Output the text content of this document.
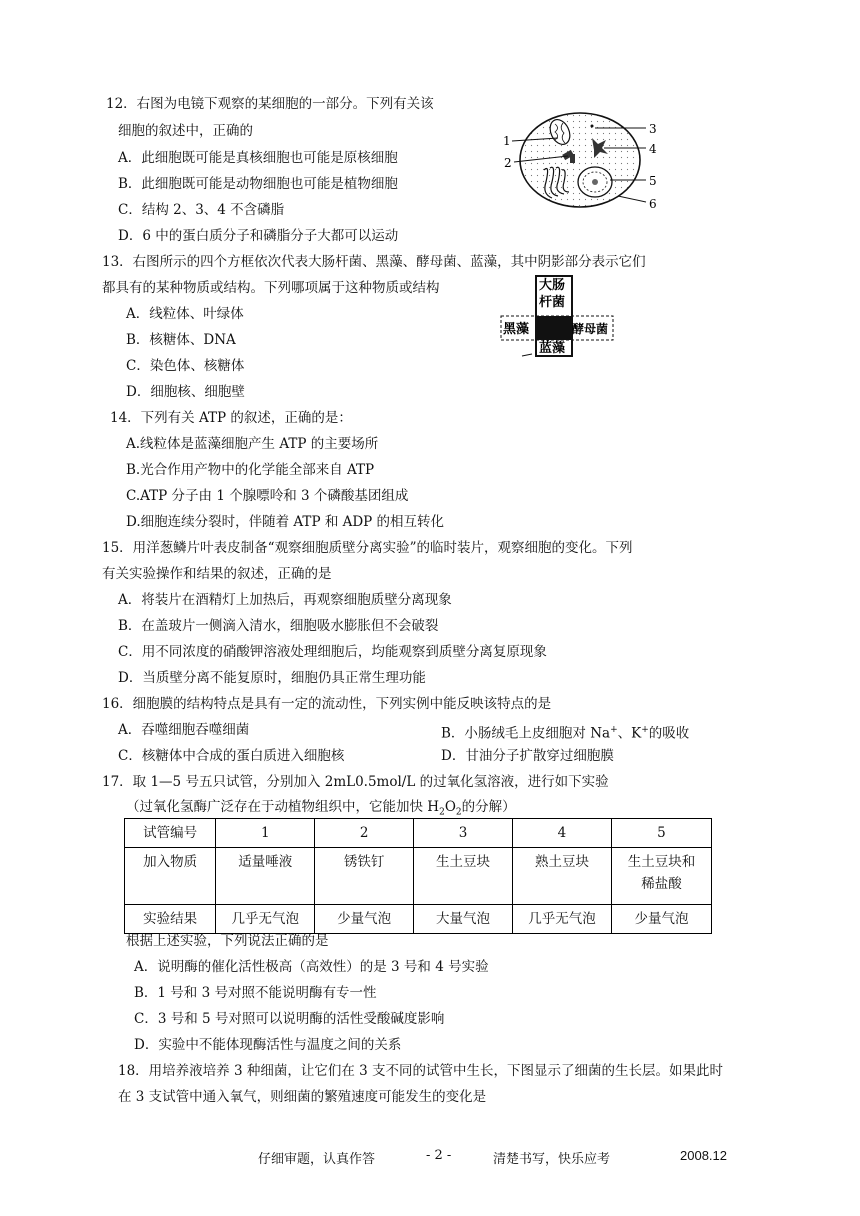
12．右图为电镜下观察的某细胞的一部分。下列有关该
细胞的叙述中，正确的
A．此细胞既可能是真核细胞也可能是原核细胞
B．此细胞既可能是动物细胞也可能是植物细胞
C．结构 2、3、4 不含磷脂
D．6 中的蛋白质分子和磷脂分子大都可以运动
1
2
3
4
5
6
13．右图所示的四个方框依次代表大肠杆菌、黑藻、酵母菌、蓝藻，其中阴影部分表示它们
都具有的某种物质或结构。下列哪项属于这种物质或结构
A．线粒体、叶绿体
B．核糖体、DNA
C．染色体、核糖体
D．细胞核、细胞壁
大肠
杆菌
黑藻	酵母菌
蓝藻
14．下列有关 ATP 的叙述，正确的是：
A.线粒体是蓝藻细胞产生 ATP 的主要场所
B.光合作用产物中的化学能全部来自 ATP
C.ATP 分子由 1 个腺嘌呤和 3 个磷酸基团组成
D.细胞连续分裂时，伴随着 ATP 和 ADP 的相互转化
15．用洋葱鳞片叶表皮制备“观察细胞质壁分离实验”的临时装片，观察细胞的变化。下列
有关实验操作和结果的叙述，正确的是
A．将装片在酒精灯上加热后，再观察细胞质壁分离现象
B．在盖玻片一侧滴入清水，细胞吸水膨胀但不会破裂
C．用不同浓度的硝酸钾溶液处理细胞后，均能观察到质壁分离复原现象
D．当质壁分离不能复原时，细胞仍具正常生理功能
16．细胞膜的结构特点是具有一定的流动性，下列实例中能反映该特点的是
A．吞噬细胞吞噬细菌	B．小肠绒毛上皮细胞对 Na+、K+的吸收
C．核糖体中合成的蛋白质进入细胞核	D．甘油分子扩散穿过细胞膜
17．取 1—5 号五只试管，分别加入 2mL0.5mol/L 的过氧化氢溶液，进行如下实验
（过氧化氢酶广泛存在于动植物组织中，它能加快 $H_2O_2$的分解）
试管编号	1	2	3	4	5
加入物质	适量唾液	锈铁钉	生土豆块	熟土豆块	生土豆块和稀盐酸
实验结果	几乎无气泡	少量气泡	大量气泡	几乎无气泡	少量气泡
根据上述实验，下列说法正确的是
A．说明酶的催化活性极高（高效性）的是 3 号和 4 号实验
B．1 号和 3 号对照不能说明酶有专一性
C．3 号和 5 号对照可以说明酶的活性受酸碱度影响
D．实验中不能体现酶活性与温度之间的关系
18．用培养液培养 3 种细菌，让它们在 3 支不同的试管中生长，下图显示了细菌的生长层。如果此时
在 3 支试管中通入氧气，则细菌的繁殖速度可能发生的变化是
仔细审题，认真作答	- 2 -	清楚书写，快乐应考	2008.12
